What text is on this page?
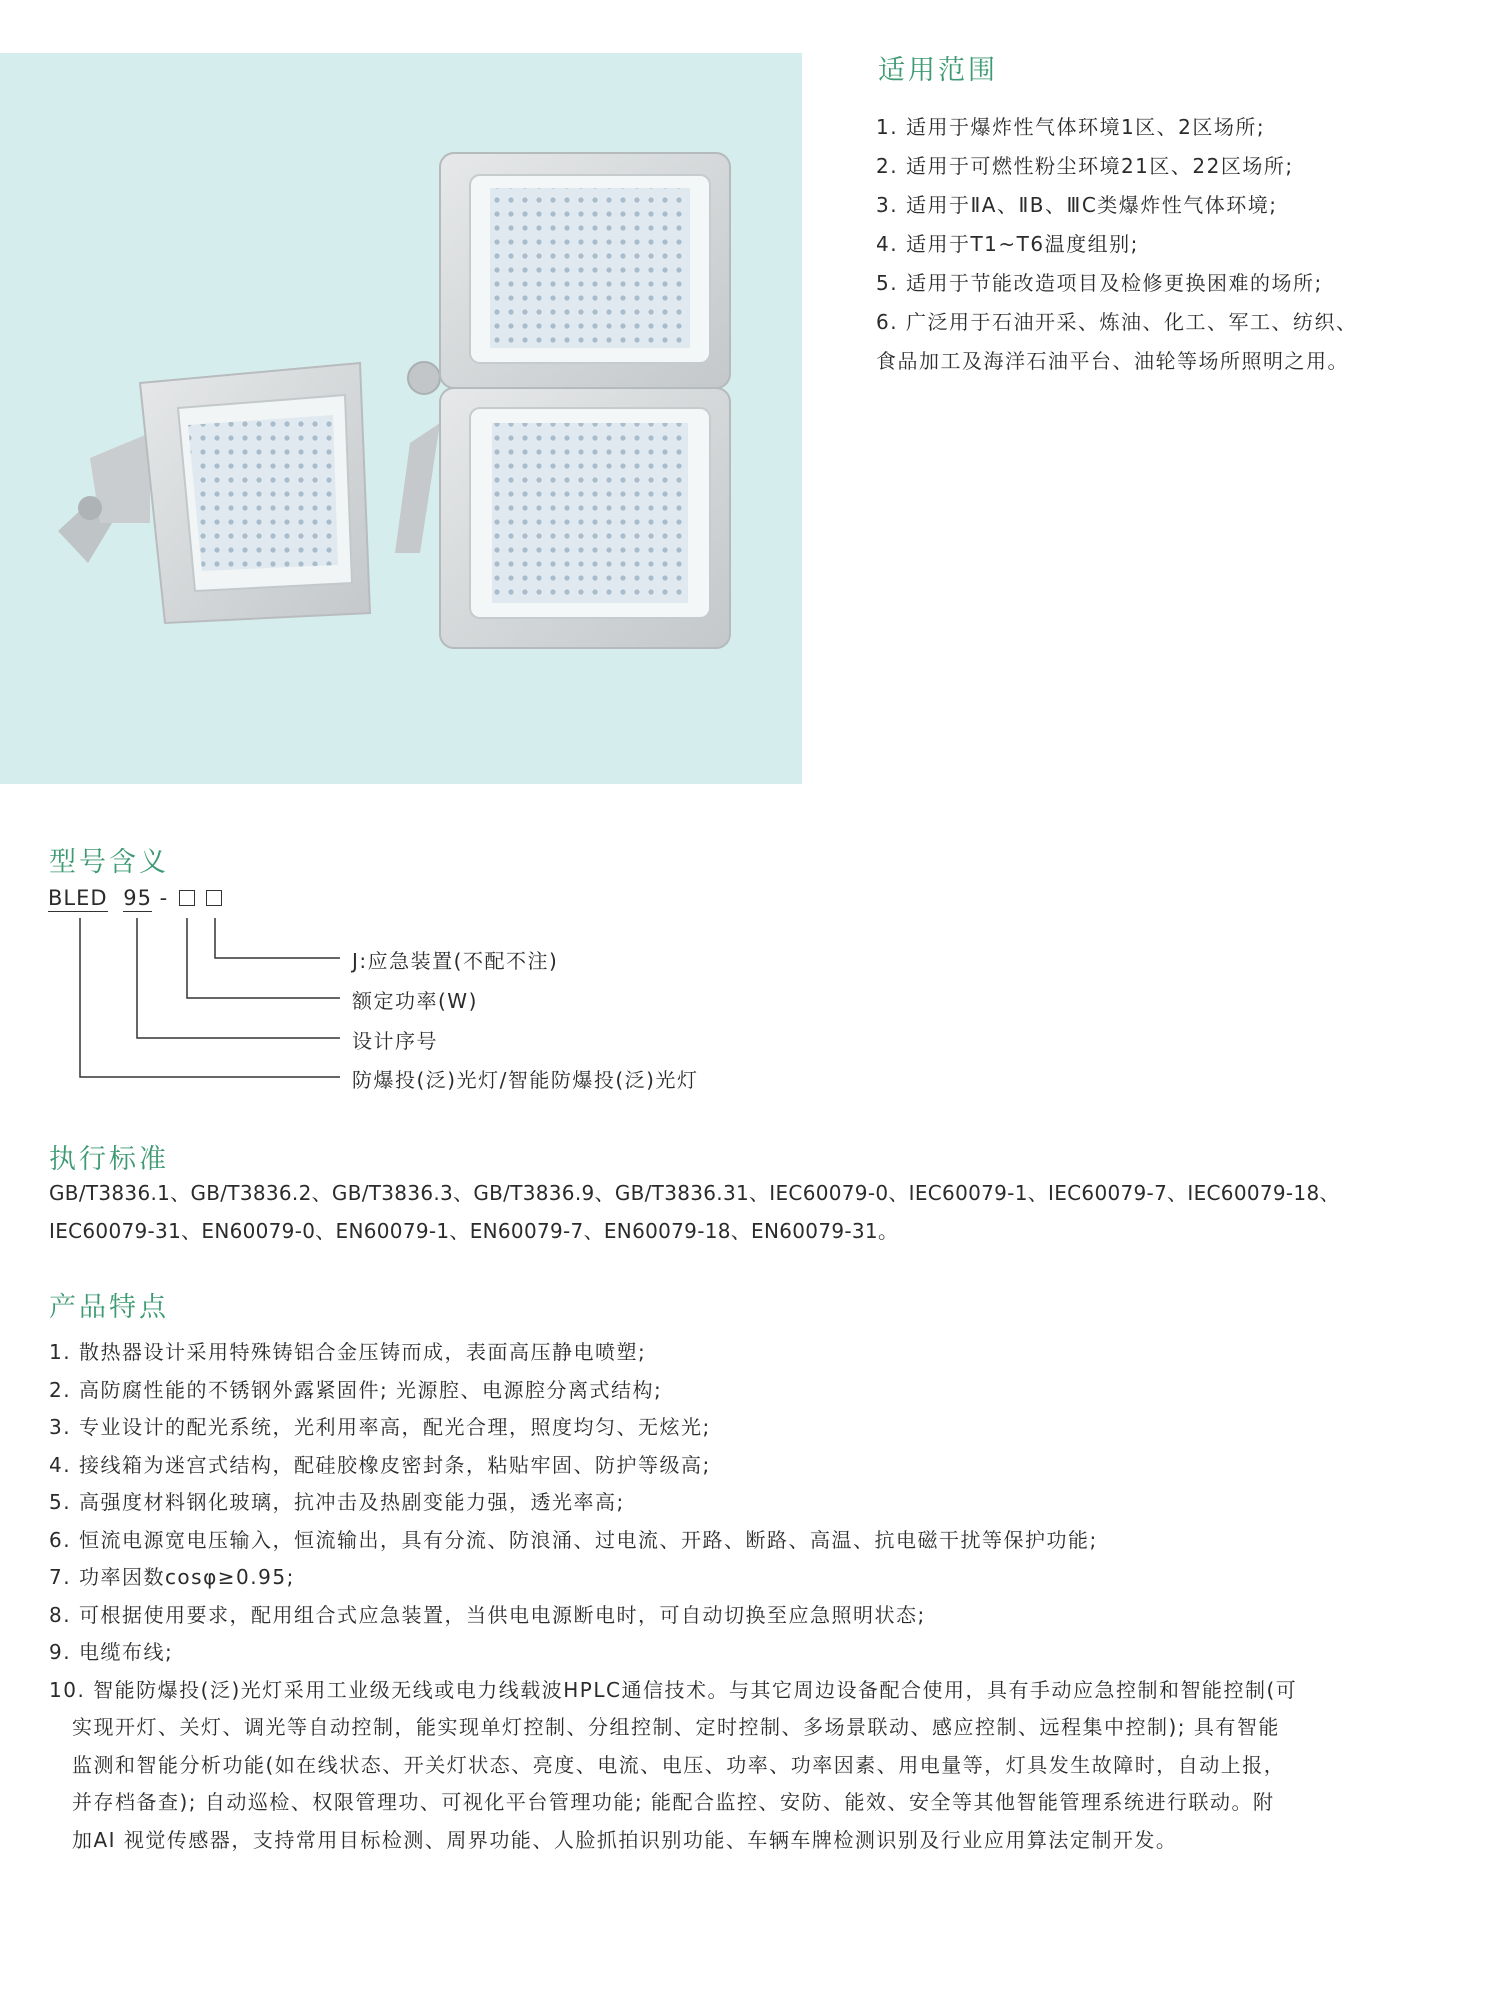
适用范围
1. 适用于爆炸性气体环境1区、2区场所;
2. 适用于可燃性粉尘环境21区、22区场所;
3. 适用于ⅡA、ⅡB、ⅢC类爆炸性气体环境;
4. 适用于T1~T6温度组别;
5. 适用于节能改造项目及检修更换困难的场所;
6. 广泛用于石油开采、炼油、化工、军工、纺织、
食品加工及海洋石油平台、油轮等场所照明之用。
型号含义
BLED 95 -
J:应急装置(不配不注)
额定功率(W)
设计序号
防爆投(泛)光灯/智能防爆投(泛)光灯
执行标准
GB/T3836.1、GB/T3836.2、GB/T3836.3、GB/T3836.9、GB/T3836.31、IEC60079-0、IEC60079-1、IEC60079-7、IEC60079-18、
IEC60079-31、EN60079-0、EN60079-1、EN60079-7、EN60079-18、EN60079-31。
产品特点
1. 散热器设计采用特殊铸铝合金压铸而成，表面高压静电喷塑;
2. 高防腐性能的不锈钢外露紧固件; 光源腔、电源腔分离式结构;
3. 专业设计的配光系统，光利用率高，配光合理，照度均匀、无炫光;
4. 接线箱为迷宫式结构，配硅胶橡皮密封条，粘贴牢固、防护等级高;
5. 高强度材料钢化玻璃，抗冲击及热剧变能力强，透光率高;
6. 恒流电源宽电压输入，恒流输出，具有分流、防浪涌、过电流、开路、断路、高温、抗电磁干扰等保护功能;
7. 功率因数cosφ≥0.95;
8. 可根据使用要求，配用组合式应急装置，当供电电源断电时，可自动切换至应急照明状态;
9. 电缆布线;
10. 智能防爆投(泛)光灯采用工业级无线或电力线载波HPLC通信技术。与其它周边设备配合使用，具有手动应急控制和智能控制(可
实现开灯、关灯、调光等自动控制，能实现单灯控制、分组控制、定时控制、多场景联动、感应控制、远程集中控制); 具有智能
监测和智能分析功能(如在线状态、开关灯状态、亮度、电流、电压、功率、功率因素、用电量等，灯具发生故障时，自动上报，
并存档备查); 自动巡检、权限管理功、可视化平台管理功能; 能配合监控、安防、能效、安全等其他智能管理系统进行联动。附
加AI 视觉传感器，支持常用目标检测、周界功能、人脸抓拍识别功能、车辆车牌检测识别及行业应用算法定制开发。
